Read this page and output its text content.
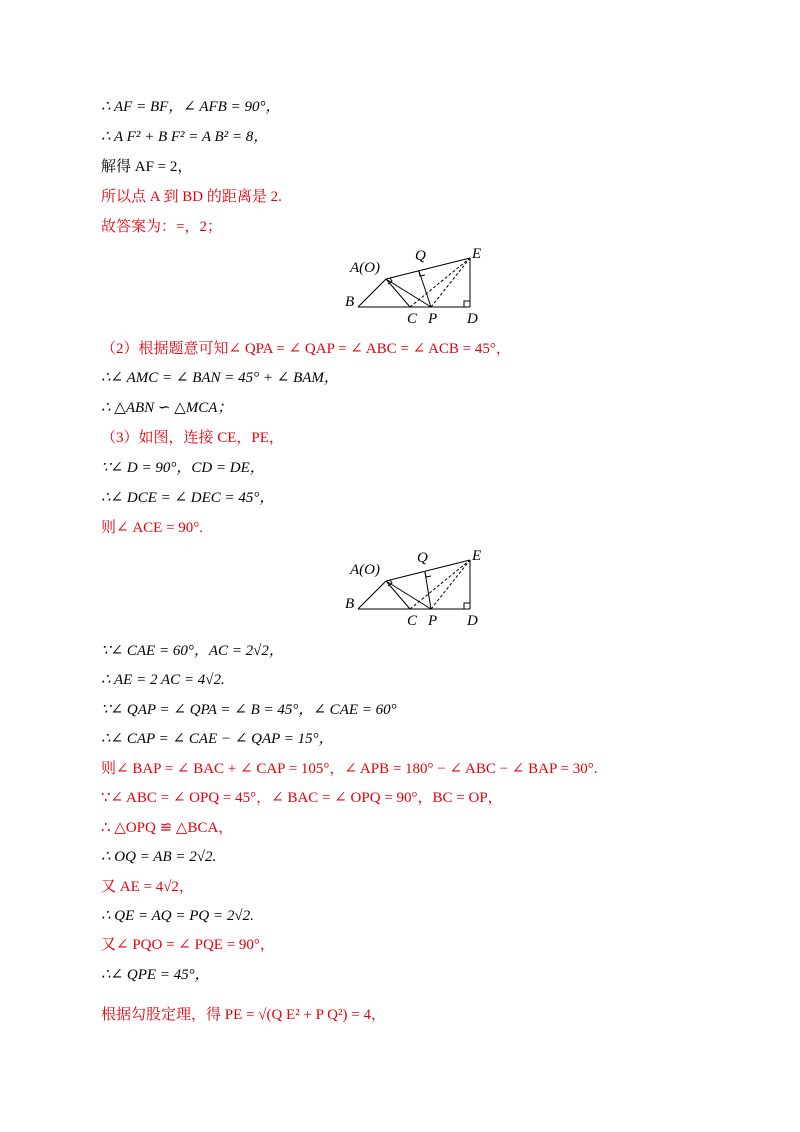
∴ AF = BF，∠ AFB = 90°，
∴ A F² + B F² = A B² = 8，
解得 AF = 2，
所以点 A 到 BD 的距离是 2.
故答案为：=，2；
A(O)
Q	E
B
C P D
（2）根据题意可知∠ QPA = ∠ QAP = ∠ ABC = ∠ ACB = 45°，
∴∠ AMC = ∠ BAN = 45° + ∠ BAM，
∴ △ABN ∽ △MCA；
（3）如图，连接 CE，PE，
∵∠ D = 90°，CD = DE，
∴∠ DCE = ∠ DEC = 45°，
则∠ ACE = 90°.
A(O)
Q	E
B
C P D
∵∠ CAE = 60°，AC = 2√2，
∴ AE = 2 AC = 4√2.
∵∠ QAP = ∠ QPA = ∠ B = 45°，∠ CAE = 60°
∴∠ CAP = ∠ CAE − ∠ QAP = 15°，
则∠ BAP = ∠ BAC + ∠ CAP = 105°，∠ APB = 180° − ∠ ABC − ∠ BAP = 30°.
∵∠ ABC = ∠ OPQ = 45°，∠ BAC = ∠ OPQ = 90°，BC = OP，
∴ △OPQ ≌ △BCA，
∴ OQ = AB = 2√2.
又 AE = 4√2，
∴ QE = AQ = PQ = 2√2.
又∠ PQO = ∠ PQE = 90°，
∴∠ QPE = 45°，
根据勾股定理，得 PE = √(Q E² + P Q²) = 4，
